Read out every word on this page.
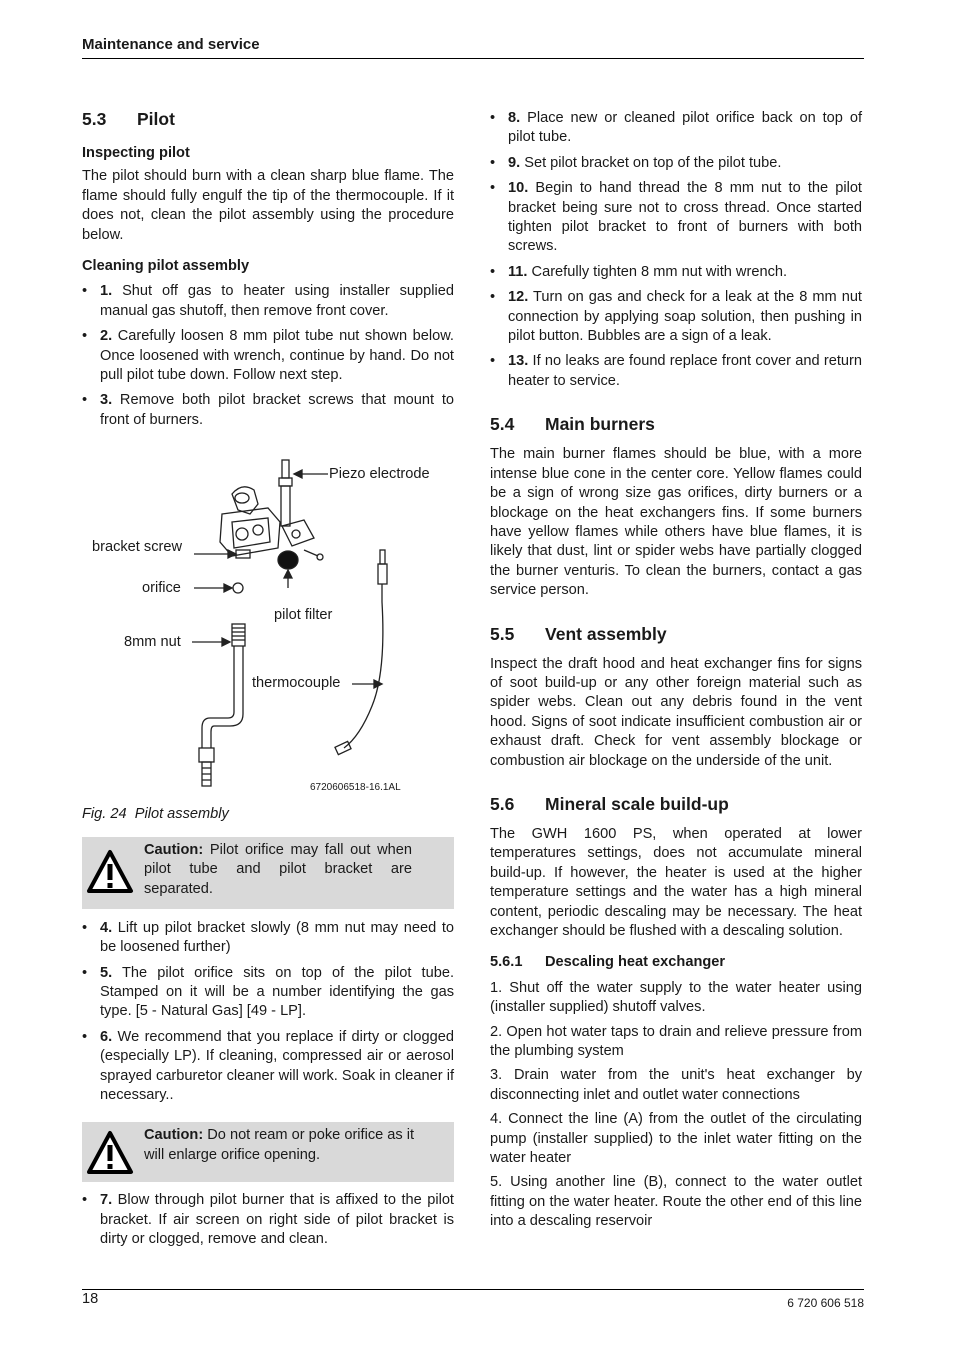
Maintenance and service
5.3 Pilot
Inspecting pilot

The pilot should burn with a clean sharp blue flame. The flame should fully engulf the tip of the thermocouple. If it does not, clean the pilot assembly using the procedure below.

Cleaning pilot assembly
• 1. Shut off gas to heater using installer supplied manual gas shutoff, then remove front cover.
• 2. Carefully loosen 8 mm pilot tube nut shown below. Once loosened with wrench, continue by hand. Do not pull pilot tube down. Follow next step.
• 3. Remove both pilot bracket screws that mount to front of burners.
Piezo electrode
bracket screw
orifice
pilot filter
8mm nut
thermocouple
6720606518-16.1AL
Fig. 24 Pilot assembly
Caution: Pilot orifice may fall out when pilot tube and pilot bracket are separated.
• 4. Lift up pilot bracket slowly (8 mm nut may need to be loosened further)
• 5. The pilot orifice sits on top of the pilot tube. Stamped on it will be a number identifying the gas type. [5 - Natural Gas] [49 - LP].
• 6. We recommend that you replace if dirty or clogged (especially LP). If cleaning, compressed air or aerosol sprayed carburetor cleaner will work. Soak in cleaner if necessary..
Caution: Do not ream or poke orifice as it will enlarge orifice opening.
• 7. Blow through pilot burner that is affixed to the pilot bracket. If air screen on right side of pilot bracket is dirty or clogged, remove and clean.
• 8. Place new or cleaned pilot orifice back on top of pilot tube.
• 9. Set pilot bracket on top of the pilot tube.
• 10. Begin to hand thread the 8 mm nut to the pilot bracket being sure not to cross thread. Once started tighten pilot bracket to front of burners with both screws.
• 11. Carefully tighten 8 mm nut with wrench.
• 12. Turn on gas and check for a leak at the 8 mm nut connection by applying soap solution, then pushing in pilot button. Bubbles are a sign of a leak.
• 13. If no leaks are found replace front cover and return heater to service.
5.4 Main burners

The main burner flames should be blue, with a more intense blue cone in the center core. Yellow flames could be a sign of wrong size gas orifices, dirty burners or a blockage on the heat exchangers fins. If some burners have yellow flames while others have blue flames, it is likely that dust, lint or spider webs have partially clogged the burner venturis. To clean the burners, contact a gas service person.

5.5 Vent assembly

Inspect the draft hood and heat exchanger fins for signs of soot build-up or any other foreign material such as spider webs. Clean out any debris found in the vent hood. Signs of soot indicate insufficient combustion air or exhaust draft. Check for vent assembly blockage or combustion air blockage on the underside of the unit.

5.6 Mineral scale build-up

The GWH 1600 PS, when operated at lower temperatures settings, does not accumulate mineral build-up. If however, the heater is used at the higher temperature settings and the water has a high mineral content, periodic descaling may be necessary. The heat exchanger should be flushed with a descaling solution.

5.6.1 Descaling heat exchanger

1. Shut off the water supply to the water heater using (installer supplied) shutoff valves.

2. Open hot water taps to drain and relieve pressure from the plumbing system

3. Drain water from the unit's heat exchanger by disconnecting inlet and outlet water connections

4. Connect the line (A) from the outlet of the circulating pump (installer supplied) to the inlet water fitting on the water heater

5. Using another line (B), connect to the water outlet fitting on the water heater. Route the other end of this line into a descaling reservoir

18	6 720 606 518
